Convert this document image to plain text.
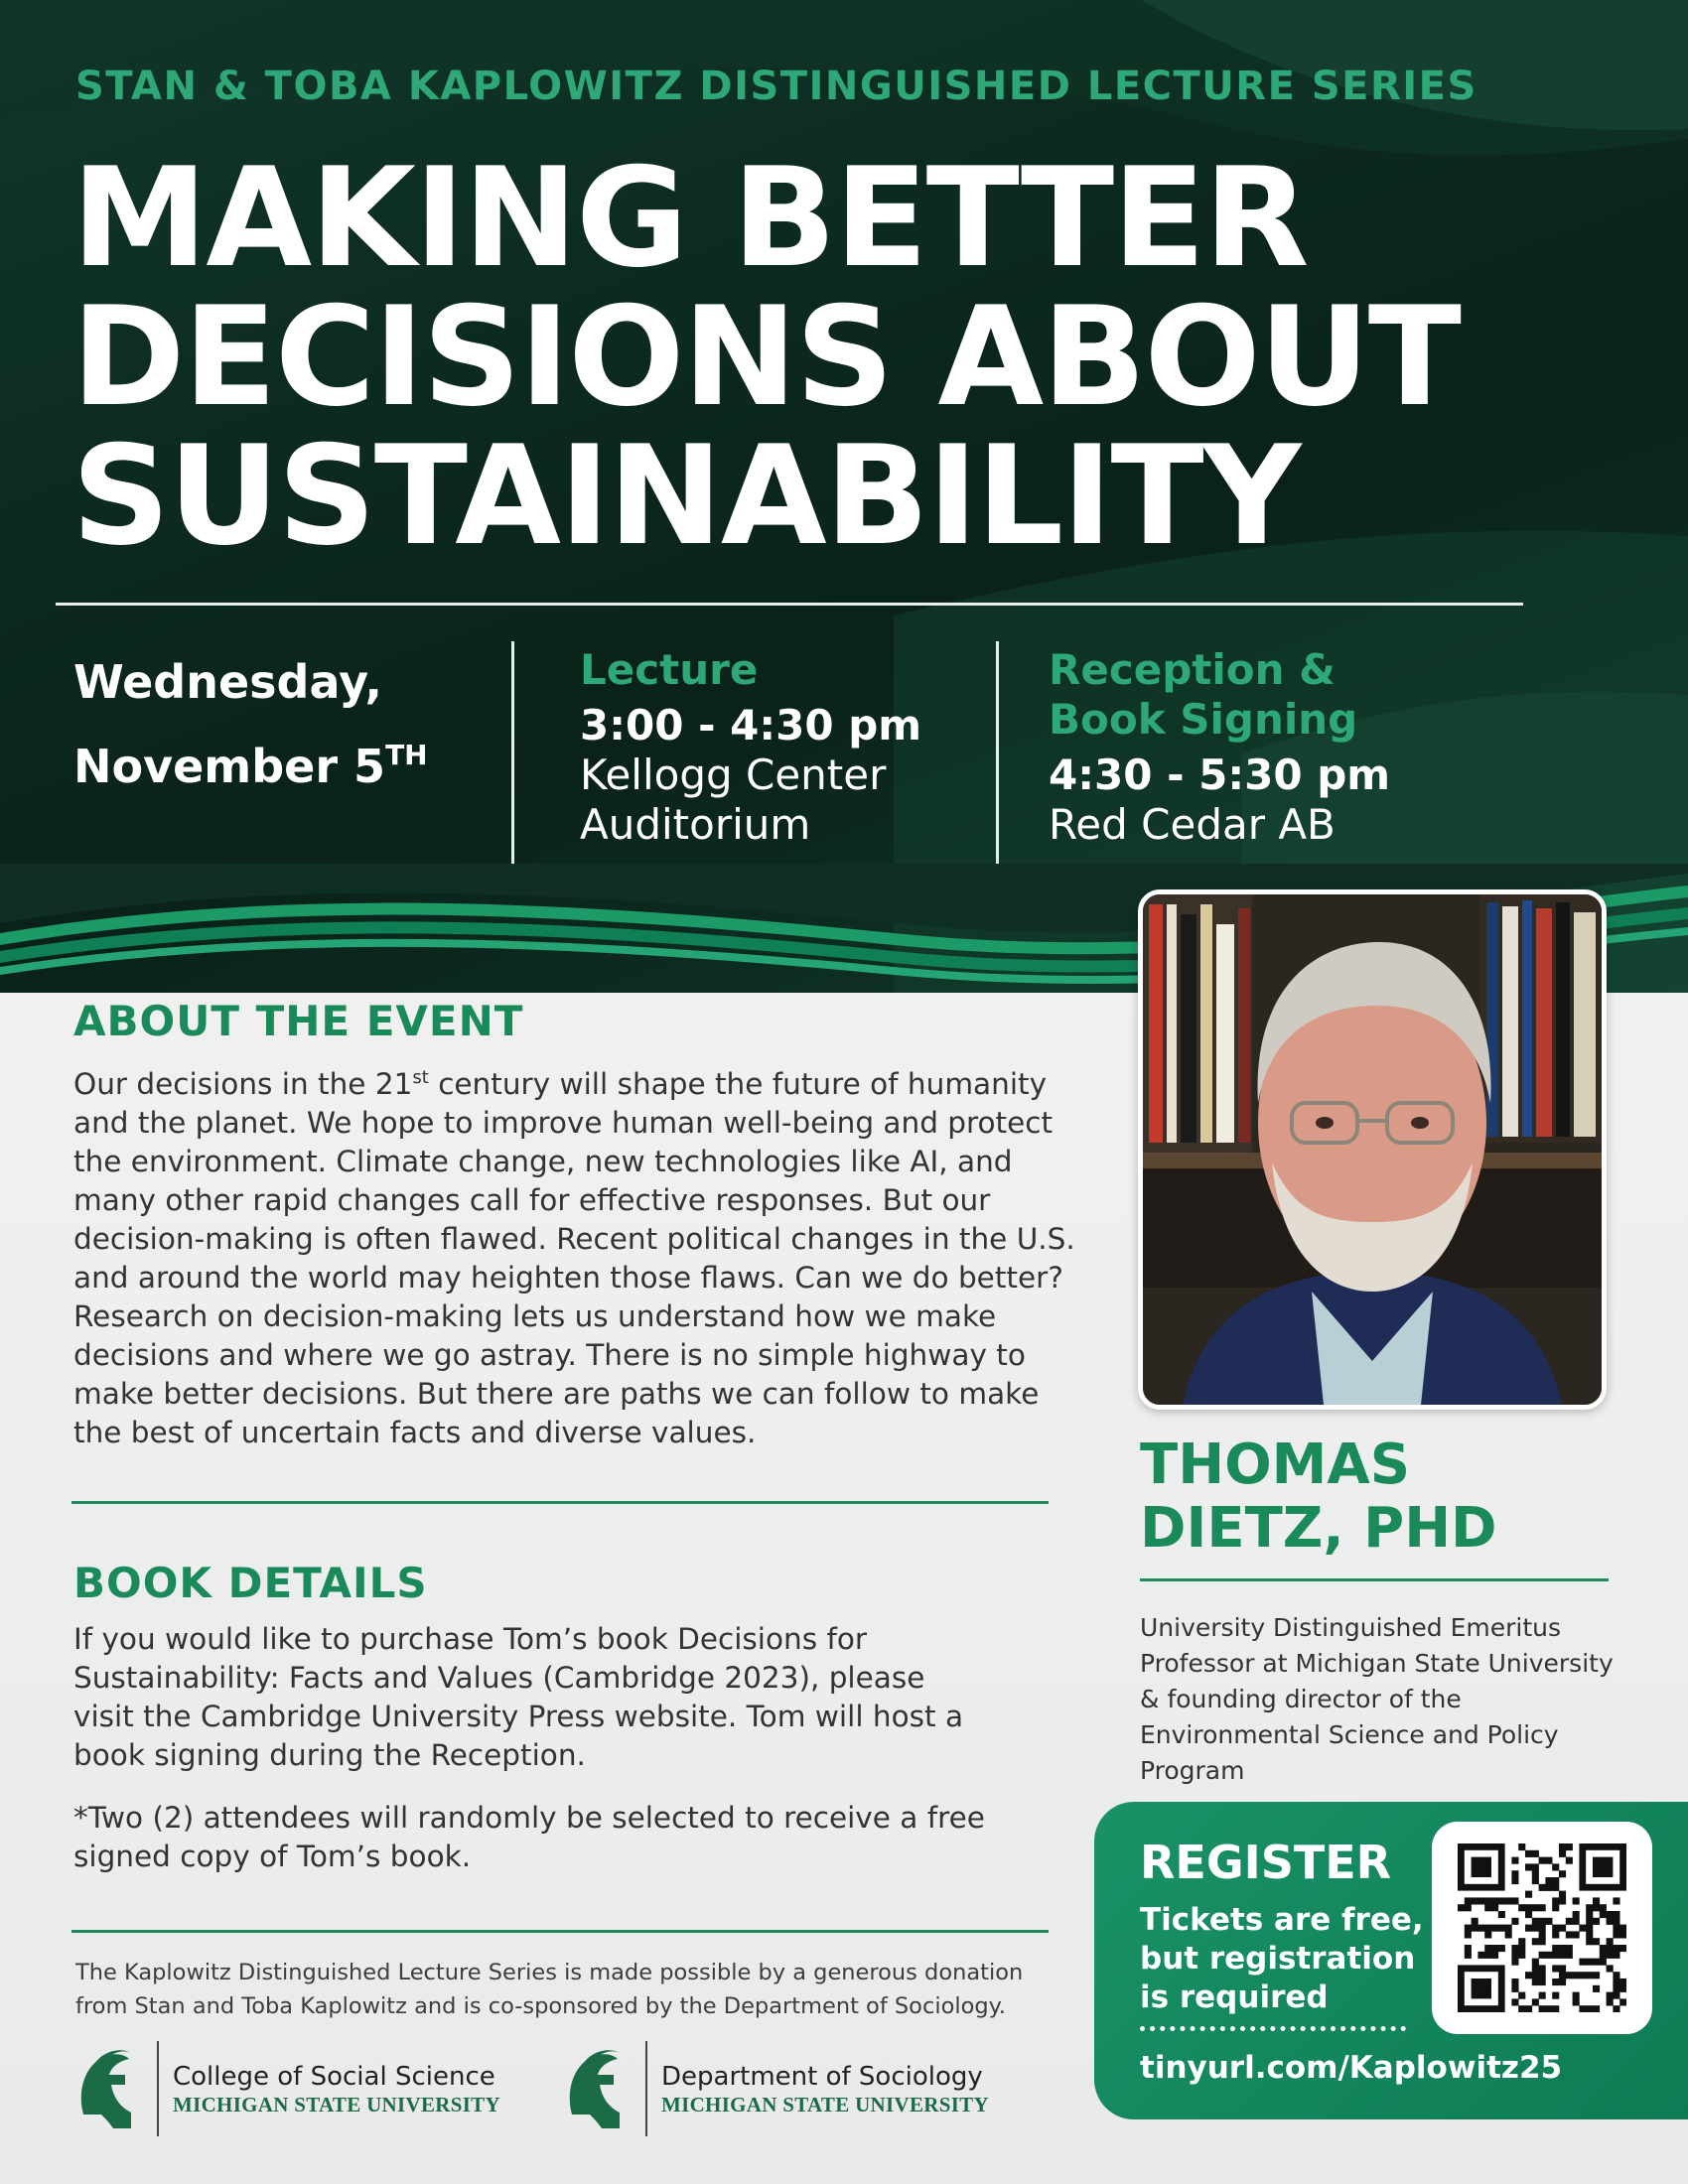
STAN & TOBA KAPLOWITZ DISTINGUISHED LECTURE SERIES
MAKING BETTER
DECISIONS ABOUT
SUSTAINABILITY
Wednesday,
November 5TH
Lecture
3:00 - 4:30 pm
Kellogg Center
Auditorium
Reception &
Book Signing
4:30 - 5:30 pm
Red Cedar AB
ABOUT THE EVENT
Our decisions in the 21st century will shape the future of humanity and the planet. We hope to improve human well-being and protect the environment. Climate change, new technologies like AI, and many other rapid changes call for effective responses. But our decision-making is often flawed. Recent political changes in the U.S. and around the world may heighten those flaws. Can we do better? Research on decision-making lets us understand how we make decisions and where we go astray. There is no simple highway to make better decisions. But there are paths we can follow to make the best of uncertain facts and diverse values.
BOOK DETAILS
If you would like to purchase Tom’s book Decisions for Sustainability: Facts and Values (Cambridge 2023), please visit the Cambridge University Press website. Tom will host a book signing during the Reception.
*Two (2) attendees will randomly be selected to receive a free signed copy of Tom’s book.
The Kaplowitz Distinguished Lecture Series is made possible by a generous donation from Stan and Toba Kaplowitz and is co-sponsored by the Department of Sociology.
College of Social Science
MICHIGAN STATE UNIVERSITY
Department of Sociology
MICHIGAN STATE UNIVERSITY
THOMAS
DIETZ, PHD
University Distinguished Emeritus Professor at Michigan State University & founding director of the Environmental Science and Policy Program
REGISTER
Tickets are free, but registration is required
tinyurl.com/Kaplowitz25
